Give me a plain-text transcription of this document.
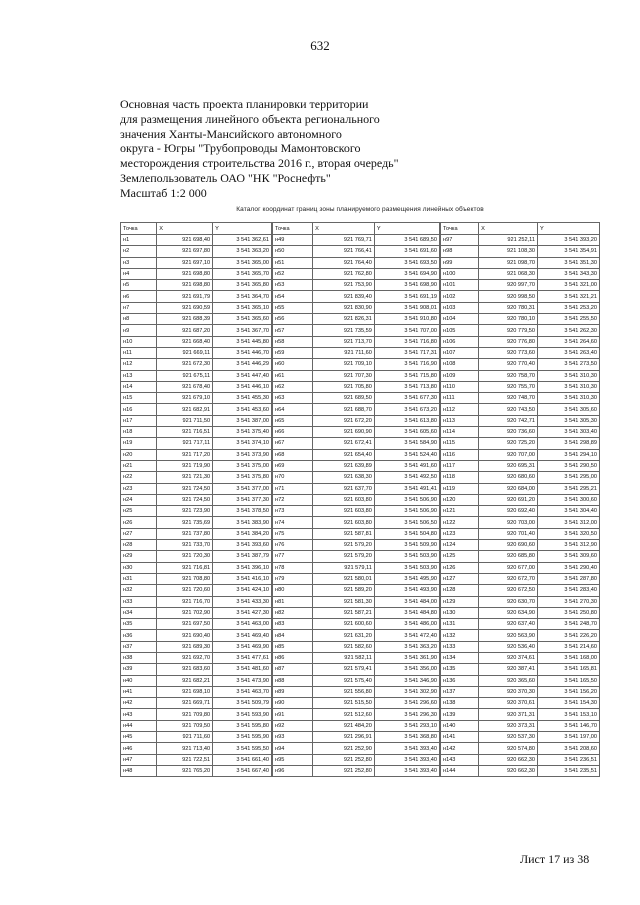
632
Основная часть проекта планировки территории
для размещения линейного объекта регионального
значения Ханты-Мансийского автономного
округа - Югры "Трубопроводы Мамонтовского
месторождения строительства 2016 г., вторая очередь"
Землепользователь ОАО "НК "Роснефть"
Масштаб 1:2 000
Каталог координат границ зоны планируемого размещения линейных объектов
Точка	X	Y
н1	921 698,40	3 541 362,61
н2	921 697,80	3 541 363,20
н3	921 697,10	3 541 365,00
н4	921 698,80	3 541 365,70
н5	921 698,80	3 541 365,80
н6	921 691,79	3 541 364,70
н7	921 690,59	3 541 365,10
н8	921 688,39	3 541 365,60
н9	921 687,20	3 541 367,70
н10	921 668,40	3 541 445,80
н11	921 669,11	3 541 446,70
н12	921 672,30	3 541 446,29
н13	921 675,11	3 541 447,40
н14	921 678,40	3 541 446,10
н15	921 679,10	3 541 455,30
н16	921 682,91	3 541 453,60
н17	921 711,50	3 541 387,00
н18	921 716,51	3 541 375,40
н19	921 717,11	3 541 374,10
н20	921 717,20	3 541 373,90
н21	921 719,90	3 541 375,00
н22	921 721,30	3 541 375,80
н23	921 724,50	3 541 377,00
н24	921 724,50	3 541 377,30
н25	921 723,90	3 541 378,50
н26	921 735,69	3 541 383,90
н27	921 737,80	3 541 384,20
н28	921 733,70	3 541 393,60
н29	921 720,30	3 541 387,79
н30	921 716,81	3 541 396,10
н31	921 708,80	3 541 416,10
н32	921 720,60	3 541 424,10
н33	921 716,70	3 541 433,30
н34	921 702,90	3 541 427,30
н35	921 697,50	3 541 463,00
н36	921 690,40	3 541 469,40
н37	921 689,30	3 541 469,90
н38	921 692,70	3 541 477,61
н39	921 683,60	3 541 481,60
н40	921 682,21	3 541 473,90
н41	921 698,10	3 541 463,70
н42	921 669,71	3 541 509,79
н43	921 709,80	3 541 593,90
н44	921 709,50	3 541 595,80
н45	921 711,60	3 541 595,90
н46	921 713,40	3 541 595,50
н47	921 722,51	3 541 661,40
н48	921 765,20	3 541 667,40
Точка	X	Y
н49	921 769,71	3 541 689,50
н50	921 766,41	3 541 691,60
н51	921 764,40	3 541 693,50
н52	921 762,80	3 541 694,90
н53	921 753,90	3 541 698,90
н54	921 839,40	3 541 691,19
н55	921 830,90	3 541 908,01
н56	921 826,31	3 541 910,80
н57	921 735,59	3 541 707,00
н58	921 713,70	3 541 716,80
н59	921 711,60	3 541 717,31
н60	921 709,10	3 541 716,90
н61	921 707,30	3 541 715,80
н62	921 705,80	3 541 713,80
н63	921 689,50	3 541 677,30
н64	921 688,70	3 541 673,20
н65	921 672,20	3 541 613,80
н66	921 690,90	3 541 605,60
н67	921 672,41	3 541 584,90
н68	921 654,40	3 541 524,40
н69	921 639,89	3 541 491,60
н70	921 638,30	3 541 492,50
н71	921 637,70	3 541 491,41
н72	921 603,80	3 541 506,90
н73	921 603,80	3 541 506,90
н74	921 603,80	3 541 506,50
н75	921 587,81	3 541 504,80
н76	921 579,20	3 541 509,90
н77	921 579,20	3 541 503,90
н78	921 579,11	3 541 503,90
н79	921 580,01	3 541 495,90
н80	921 589,20	3 541 493,90
н81	921 581,30	3 541 484,00
н82	921 587,21	3 541 484,80
н83	921 600,60	3 541 486,00
н84	921 631,20	3 541 472,40
н85	921 582,60	3 541 363,20
н86	921 582,11	3 541 361,90
н87	921 579,41	3 541 356,00
н88	921 575,40	3 541 346,90
н89	921 556,80	3 541 302,90
н90	921 515,50	3 541 296,60
н91	921 512,60	3 541 296,30
н92	921 484,20	3 541 293,10
н93	921 296,91	3 541 368,80
н94	921 252,90	3 541 393,40
н95	921 252,80	3 541 393,40
н96	921 252,80	3 541 393,40
Точка	X	Y
н97	921 252,11	3 541 393,20
н98	921 108,30	3 541 354,91
н99	921 098,70	3 541 351,30
н100	921 068,30	3 541 343,30
н101	920 997,70	3 541 321,00
н102	920 998,50	3 541 321,21
н103	920 780,31	3 541 253,20
н104	920 780,10	3 541 255,50
н105	920 779,50	3 541 262,30
н106	920 776,80	3 541 264,60
н107	920 773,60	3 541 263,40
н108	920 770,40	3 541 273,50
н109	920 758,70	3 541 310,30
н110	920 755,70	3 541 310,30
н111	920 748,70	3 541 310,30
н112	920 743,50	3 541 305,60
н113	920 742,71	3 541 305,30
н114	920 736,60	3 541 303,40
н115	920 725,20	3 541 298,89
н116	920 707,00	3 541 294,10
н117	920 695,31	3 541 290,50
н118	920 680,60	3 541 295,00
н119	920 684,00	3 541 295,21
н120	920 691,20	3 541 300,60
н121	920 692,40	3 541 304,40
н122	920 703,00	3 541 312,00
н123	920 701,40	3 541 320,50
н124	920 690,60	3 541 312,90
н125	920 685,80	3 541 309,60
н126	920 677,00	3 541 290,40
н127	920 672,70	3 541 287,80
н128	920 672,50	3 541 283,40
н129	920 630,70	3 541 270,30
н130	920 634,90	3 541 250,80
н131	920 637,40	3 541 248,70
н132	920 563,90	3 541 226,20
н133	920 536,40	3 541 214,60
н134	920 374,61	3 541 168,00
н135	920 387,41	3 541 165,81
н136	920 365,60	3 541 165,50
н137	920 370,30	3 541 156,20
н138	920 370,61	3 541 154,30
н139	920 371,31	3 541 153,10
н140	920 373,31	3 541 146,70
н141	920 537,30	3 541 197,00
н142	920 574,80	3 541 208,60
н143	920 662,30	3 541 236,51
н144	920 662,30	3 541 235,51
Лист 17 из 38
